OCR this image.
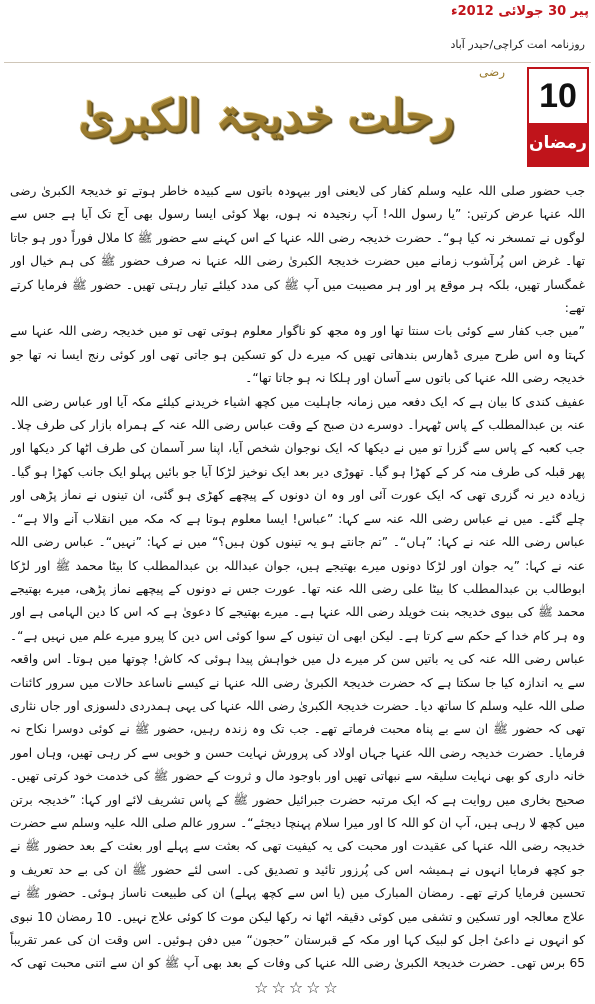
پیر 30 جولائی 2012ء
روزنامہ امت کراچی/حیدر آباد
10
رمضان
رضی
رحلت خدیجۃ الکبریٰ

جب حضور صلی اللہ علیہ وسلم کفار کی لایعنی اور بیہودہ باتوں سے کبیدہ خاطر ہوتے تو خدیجۃ الکبریٰ رضی اللہ عنہا عرض کرتیں: ”یا رسول اللہ! آپ رنجیدہ نہ ہوں، بھلا کوئی ایسا رسول بھی آج تک آیا ہے جس سے لوگوں نے تمسخر نہ کیا ہو“۔ حضرت خدیجہ رضی اللہ عنہا کے اس کہنے سے حضور ﷺ کا ملال فوراً دور ہو جاتا تھا۔ غرض اس پُرآشوب زمانے میں حضرت خدیجۃ الکبریٰ رضی اللہ عنہا نہ صرف حضور ﷺ کی ہم خیال اور غمگسار تھیں، بلکہ ہر موقع پر اور ہر مصیبت میں آپ ﷺ کی مدد کیلئے تیار رہتی تھیں۔ حضور ﷺ فرمایا کرتے تھے:

”میں جب کفار سے کوئی بات سنتا تھا اور وہ مجھ کو ناگوار معلوم ہوتی تھی تو میں خدیجہ رضی اللہ عنہا سے کہتا وہ اس طرح میری ڈھارس بندھاتی تھیں کہ میرے دل کو تسکین ہو جاتی تھی اور کوئی رنج ایسا نہ تھا جو خدیجہ رضی اللہ عنہا کی باتوں سے آسان اور ہلکا نہ ہو جاتا تھا“۔

عفیف کندی کا بیان ہے کہ ایک دفعہ میں زمانہ جاہلیت میں کچھ اشیاء خریدنے کیلئے مکہ آیا اور عباس رضی اللہ عنہ بن عبدالمطلب کے پاس ٹھہرا۔ دوسرے دن صبح کے وقت عباس رضی اللہ عنہ کے ہمراہ بازار کی طرف چلا۔ جب کعبہ کے پاس سے گزرا تو میں نے دیکھا کہ ایک نوجوان شخص آیا، اپنا سر آسمان کی طرف اٹھا کر دیکھا اور پھر قبلہ کی طرف منہ کر کے کھڑا ہو گیا۔ تھوڑی دیر بعد ایک نوخیز لڑکا آیا جو بائیں پہلو ایک جانب کھڑا ہو گیا۔ زیادہ دیر نہ گزری تھی کہ ایک عورت آئی اور وہ ان دونوں کے پیچھے کھڑی ہو گئی، ان تینوں نے نماز پڑھی اور چلے گئے۔ میں نے عباس رضی اللہ عنہ سے کہا: ”عباس! ایسا معلوم ہوتا ہے کہ مکہ میں انقلاب آنے والا ہے“۔ عباس رضی اللہ عنہ نے کہا: ”ہاں“۔ ”تم جانتے ہو یہ تینوں کون ہیں؟“ میں نے کہا: ”نہیں“۔ عباس رضی اللہ عنہ نے کہا: ”یہ جوان اور لڑکا دونوں میرے بھتیجے ہیں، جوان عبداللہ بن عبدالمطلب کا بیٹا محمد ﷺ اور لڑکا ابوطالب بن عبدالمطلب کا بیٹا علی رضی اللہ عنہ تھا۔ عورت جس نے دونوں کے پیچھے نماز پڑھی، میرے بھتیجے محمد ﷺ کی بیوی خدیجہ بنت خویلد رضی اللہ عنہا ہے۔ میرے بھتیجے کا دعویٰ ہے کہ اس کا دین الہامی ہے اور وہ ہر کام خدا کے حکم سے کرتا ہے۔ لیکن ابھی ان تینوں کے سوا کوئی اس دین کا پیرو میرے علم میں نہیں ہے“۔ عباس رضی اللہ عنہ کی یہ باتیں سن کر میرے دل میں خواہش پیدا ہوئی کہ کاش! چوتھا میں ہوتا۔ اس واقعہ سے یہ اندازہ کیا جا سکتا ہے کہ حضرت خدیجۃ الکبریٰ رضی اللہ عنہا نے کیسے ناساعد حالات میں سرور کائنات صلی اللہ علیہ وسلم کا ساتھ دیا۔ حضرت خدیجۃ الکبریٰ رضی اللہ عنہا کی یہی ہمدردی دلسوزی اور جاں نثاری تھی کہ حضور ﷺ ان سے بے پناہ محبت فرماتے تھے۔ جب تک وہ زندہ رہیں، حضور ﷺ نے کوئی دوسرا نکاح نہ فرمایا۔ حضرت خدیجہ رضی اللہ عنہا جہاں اولاد کی پرورش نہایت حسن و خوبی سے کر رہی تھیں، وہاں امور خانہ داری کو بھی نہایت سلیقہ سے نبھاتی تھیں اور باوجود مال و ثروت کے حضور ﷺ کی خدمت خود کرتی تھیں۔ صحیح بخاری میں روایت ہے کہ ایک مرتبہ حضرت جبرائیل حضور ﷺ کے پاس تشریف لائے اور کہا: ”خدیجہ برتن میں کچھ لا رہی ہیں، آپ ان کو اللہ کا اور میرا سلام پہنچا دیجئے“۔ سرور عالم صلی اللہ علیہ وسلم سے حضرت خدیجہ رضی اللہ عنہا کی عقیدت اور محبت کی یہ کیفیت تھی کہ بعثت سے پہلے اور بعثت کے بعد حضور ﷺ نے جو کچھ فرمایا انہوں نے ہمیشہ اس کی پُرزور تائید و تصدیق کی۔ اسی لئے حضور ﷺ ان کی بے حد تعریف و تحسین فرمایا کرتے تھے۔ رمضان المبارک میں (یا اس سے کچھ پہلے) ان کی طبیعت ناساز ہوئی۔ حضور ﷺ نے علاج معالجہ اور تسکین و تشفی میں کوئی دقیقہ اٹھا نہ رکھا لیکن موت کا کوئی علاج نہیں۔ 10 رمضان 10 نبوی کو انہوں نے داعیٔ اجل کو لبیک کہا اور مکہ کے قبرستان ”حجون“ میں دفن ہوئیں۔ اس وقت ان کی عمر تقریباً 65 برس تھی۔ حضرت خدیجۃ الکبریٰ رضی اللہ عنہا کی وفات کے بعد بھی آپ ﷺ کو ان سے اتنی محبت تھی کہ

☆☆☆☆☆
